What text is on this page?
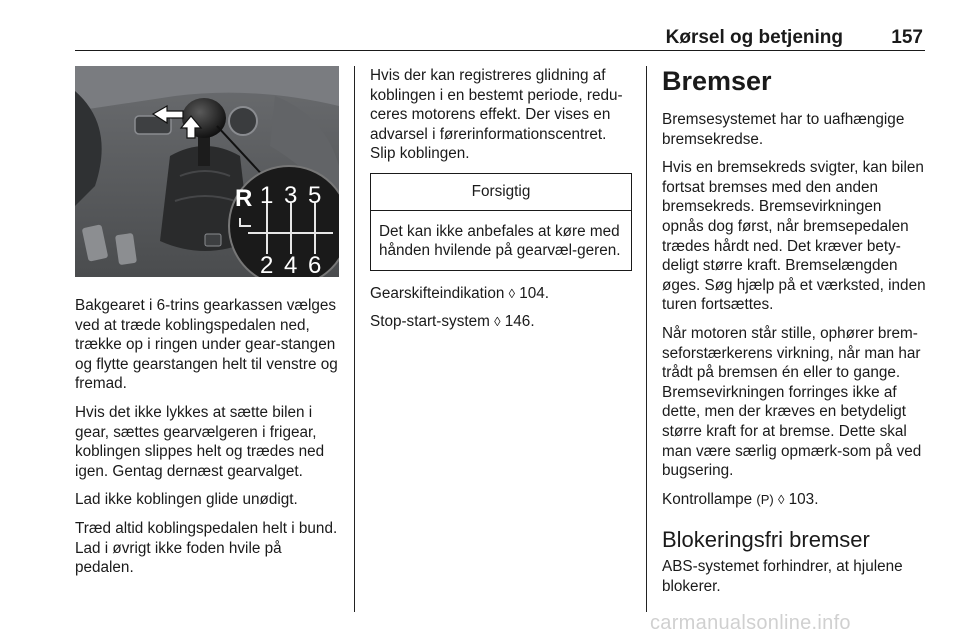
Kørsel og betjening	157
R 1 3 5
2 4 6

Bakgearet i 6-trins gearkassen vælges ved at træde koblingspedalen ned, trække op i ringen under gear-stangen og flytte gearstangen helt til venstre og fremad.

Hvis det ikke lykkes at sætte bilen i gear, sættes gearvælgeren i frigear, koblingen slippes helt og trædes ned igen. Gentag dernæst gearvalget.

Lad ikke koblingen glide unødigt.

Træd altid koblingspedalen helt i bund. Lad i øvrigt ikke foden hvile på pedalen.

Hvis der kan registreres glidning af koblingen i en bestemt periode, redu-ceres motorens effekt. Der vises en advarsel i førerinformationscentret. Slip koblingen.

Forsigtig
Det kan ikke anbefales at køre med hånden hvilende på gearvæl-geren.

Gearskifteindikation ◊ 104.

Stop-start-system ◊ 146.

Bremser

Bremsesystemet har to uafhængige bremsekredse.

Hvis en bremsekreds svigter, kan bilen fortsat bremses med den anden bremsekreds. Bremsevirkningen opnås dog først, når bremsepedalen trædes hårdt ned. Det kræver bety-deligt større kraft. Bremselængden øges. Søg hjælp på et værksted, inden turen fortsættes.

Når motoren står stille, ophører brem-seforstærkerens virkning, når man har trådt på bremsen én eller to gange. Bremsevirkningen forringes ikke af dette, men der kræves en betydeligt større kraft for at bremse. Dette skal man være særlig opmærk-som på ved bugsering.

Kontrollampe (P) ◊ 103.

Blokeringsfri bremser

ABS-systemet forhindrer, at hjulene blokerer.

carmanualsonline.info
